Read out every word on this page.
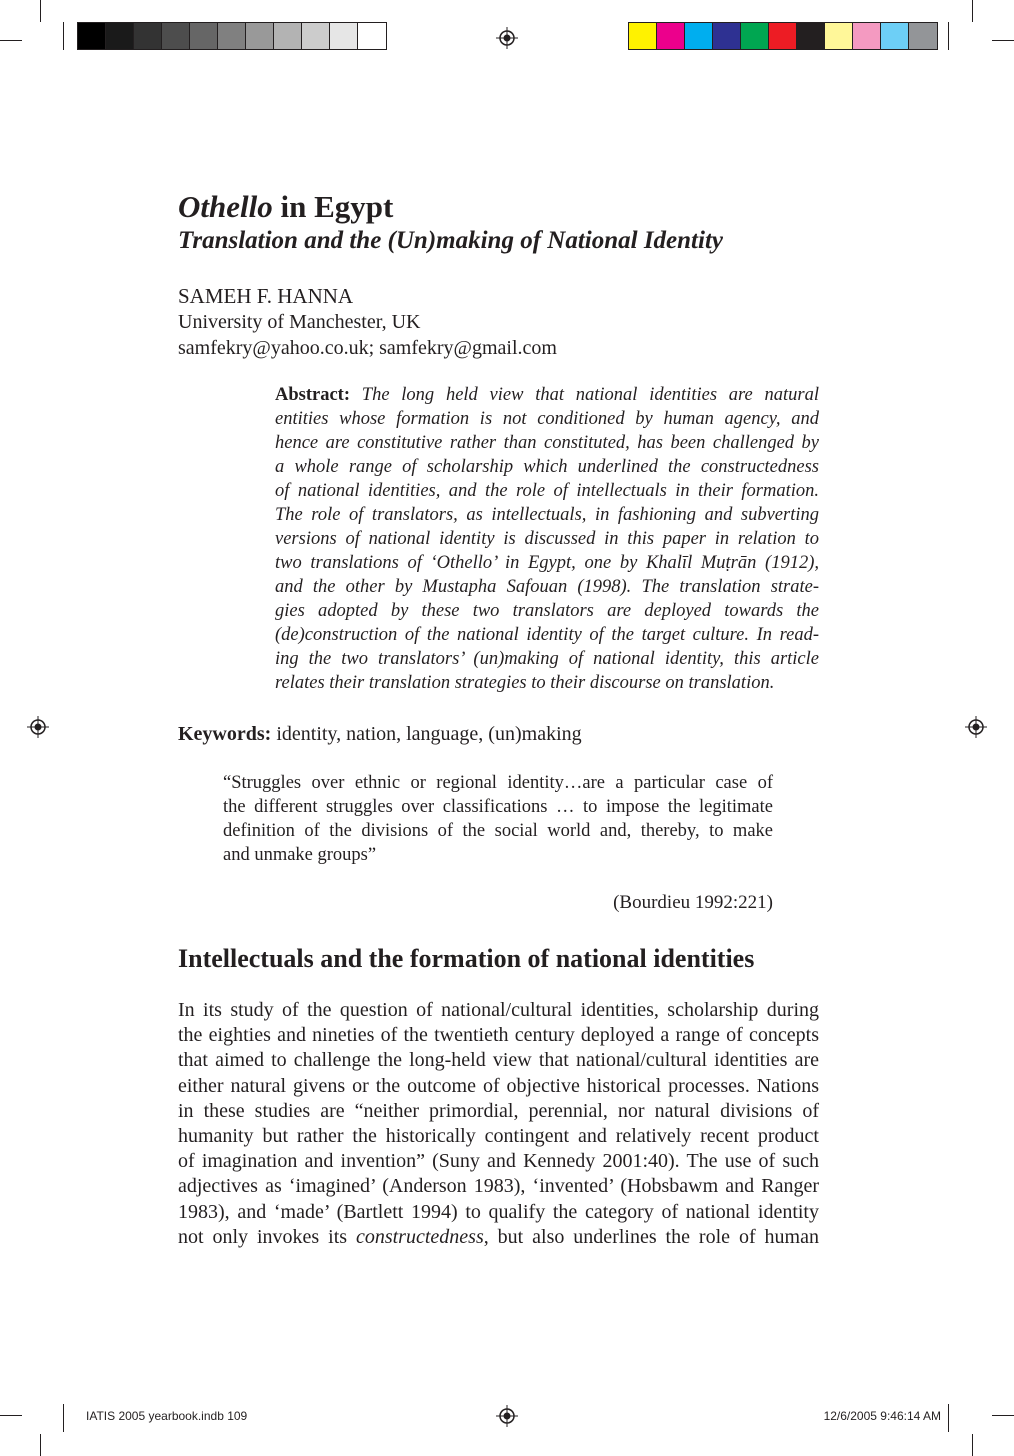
IATIS 2005 yearbook.indb 109	12/6/2005 9:46:14 AM
Othello in Egypt
Translation and the (Un)making of National Identity
SAMEH F. HANNA
University of Manchester, UK
samfekry@yahoo.co.uk; samfekry@gmail.com
Abstract: The long held view that national identities are natural
entities whose formation is not conditioned by human agency, and
hence are constitutive rather than constituted, has been challenged by
a whole range of scholarship which underlined the constructedness
of national identities, and the role of intellectuals in their formation.
The role of translators, as intellectuals, in fashioning and subverting
versions of national identity is discussed in this paper in relation to
two translations of ‘Othello’ in Egypt, one by Khalīl Muṭrān (1912),
and the other by Mustapha Safouan (1998). The translation strate-
gies adopted by these two translators are deployed towards the
(de)construction of the national identity of the target culture. In read-
ing the two translators’ (un)making of national identity, this article
relates their translation strategies to their discourse on translation.
Keywords: identity, nation, language, (un)making
“Struggles over ethnic or regional identity…are a particular case of
the different struggles over classifications … to impose the legitimate
definition of the divisions of the social world and, thereby, to make
and unmake groups”
(Bourdieu 1992:221)
Intellectuals and the formation of national identities
In its study of the question of national/cultural identities, scholarship during
the eighties and nineties of the twentieth century deployed a range of concepts
that aimed to challenge the long-held view that national/cultural identities are
either natural givens or the outcome of objective historical processes. Nations
in these studies are “neither primordial, perennial, nor natural divisions of
humanity but rather the historically contingent and relatively recent product
of imagination and invention” (Suny and Kennedy 2001:40). The use of such
adjectives as ‘imagined’ (Anderson 1983), ‘invented’ (Hobsbawm and Ranger
1983), and ‘made’ (Bartlett 1994) to qualify the category of national identity
not only invokes its constructedness, but also underlines the role of human
